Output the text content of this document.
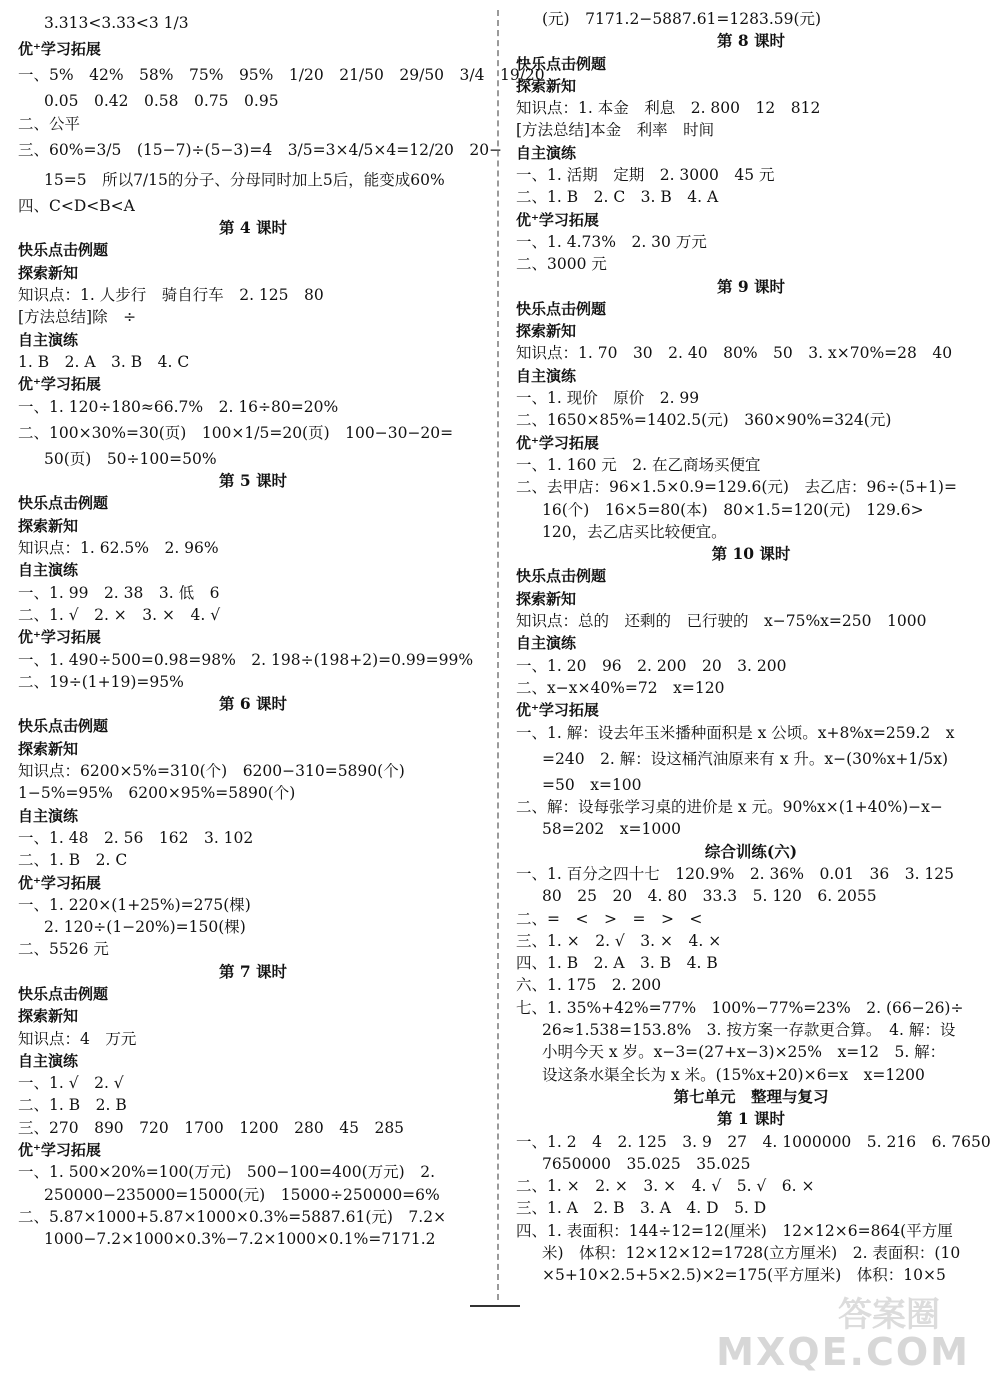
3.313<3.33<3 1/3
优⁺学习拓展
一、5%　42%　58%　75%　95%　1/20　21/50　29/50　3/4　19/20
0.05　0.42　0.58　0.75　0.95
二、公平
三、60%=3/5　(15−7)÷(5−3)=4　3/5=3×4/5×4=12/20　20−
15=5　所以7/15的分子、分母同时加上5后，能变成60%
四、C<D<B<A
第 4 课时
快乐点击例题
探索新知
知识点：1. 人步行　骑自行车　2. 125　80
[方法总结]除　÷
自主演练
1. B　2. A　3. B　4. C
优⁺学习拓展
一、1. 120÷180≈66.7%　2. 16÷80=20%
二、100×30%=30(页)　100×1/5=20(页)　100−30−20=
50(页)　50÷100=50%
第 5 课时
快乐点击例题
探索新知
知识点：1. 62.5%　2. 96%
自主演练
一、1. 99　2. 38　3. 低　6
二、1. √　2. ×　3. ×　4. √
优⁺学习拓展
一、1. 490÷500=0.98=98%　2. 198÷(198+2)=0.99=99%
二、19÷(1+19)=95%
第 6 课时
快乐点击例题
探索新知
知识点：6200×5%=310(个)　6200−310=5890(个)
1−5%=95%　6200×95%=5890(个)
自主演练
一、1. 48　2. 56　162　3. 102
二、1. B　2. C
优⁺学习拓展
一、1. 220×(1+25%)=275(棵)
2. 120÷(1−20%)=150(棵)
二、5526 元
第 7 课时
快乐点击例题
探索新知
知识点：4　万元
自主演练
一、1. √　2. √
二、1. B　2. B
三、270　890　720　1700　1200　280　45　285
优⁺学习拓展
一、1. 500×20%=100(万元)　500−100=400(万元)　2.
250000−235000=15000(元)　15000÷250000=6%
二、5.87×1000+5.87×1000×0.3%=5887.61(元)　7.2×
1000−7.2×1000×0.3%−7.2×1000×0.1%=7171.2
(元)　7171.2−5887.61=1283.59(元)
第 8 课时
快乐点击例题
探索新知
知识点：1. 本金　利息　2. 800　12　812
[方法总结]本金　利率　时间
自主演练
一、1. 活期　定期　2. 3000　45 元
二、1. B　2. C　3. B　4. A
优⁺学习拓展
一、1. 4.73%　2. 30 万元
二、3000 元
第 9 课时
快乐点击例题
探索新知
知识点：1. 70　30　2. 40　80%　50　3. x×70%=28　40
自主演练
一、1. 现价　原价　2. 99
二、1650×85%=1402.5(元)　360×90%=324(元)
优⁺学习拓展
一、1. 160 元　2. 在乙商场买便宜
二、去甲店：96×1.5×0.9=129.6(元)　去乙店：96÷(5+1)=
16(个)　16×5=80(本)　80×1.5=120(元)　129.6>
120，去乙店买比较便宜。
第 10 课时
快乐点击例题
探索新知
知识点：总的　还剩的　已行驶的　x−75%x=250　1000
自主演练
一、1. 20　96　2. 200　20　3. 200
二、x−x×40%=72　x=120
优⁺学习拓展
一、1. 解：设去年玉米播种面积是 x 公顷。x+8%x=259.2　x
=240　2. 解：设这桶汽油原来有 x 升。x−(30%x+1/5x)
=50　x=100
二、解：设每张学习桌的进价是 x 元。90%x×(1+40%)−x−
58=202　x=1000
综合训练(六)
一、1. 百分之四十七　120.9%　2. 36%　0.01　36　3. 125
80　25　20　4. 80　33.3　5. 120　6. 2055
二、=　<　>　=　>　<
三、1. ×　2. √　3. ×　4. ×
四、1. B　2. A　3. B　4. B
六、1. 175　2. 200
七、1. 35%+42%=77%　100%−77%=23%　2. (66−26)÷
26≈1.538=153.8%　3. 按方案一存款更合算。　4. 解：设
小明今天 x 岁。x−3=(27+x−3)×25%　x=12　5. 解：
设这条水渠全长为 x 米。(15%x+20)×6=x　x=1200
第七单元　整理与复习
第 1 课时
一、1. 2　4　2. 125　3. 9　27　4. 1000000　5. 216　6. 7650
7650000　35.025　35.025
二、1. ×　2. ×　3. ×　4. √　5. √　6. ×
三、1. A　2. B　3. A　4. D　5. D
四、1. 表面积：144÷12=12(厘米)　12×12×6=864(平方厘
米)　体积：12×12×12=1728(立方厘米)　2. 表面积：(10
×5+10×2.5+5×2.5)×2=175(平方厘米)　体积：10×5
答案圈
MXQE.COM
